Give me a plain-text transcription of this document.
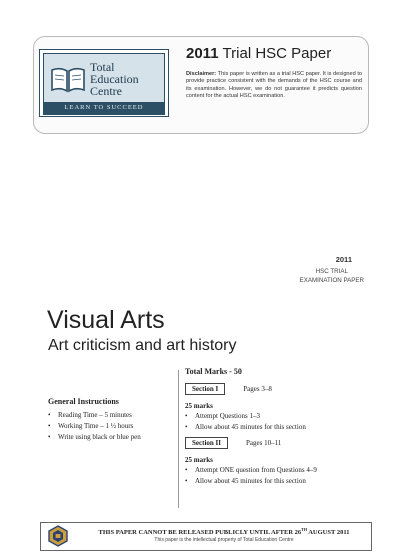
Total
Education
Centre
LEARN TO SUCCEED
2011 Trial HSC Paper
Disclaimer: This paper is written as a trial HSC paper. It is designed to provide practice consistent with the demands of the HSC course and its examination. However, we do not guarantee it predicts question content for the actual HSC examination.
2011
HSC TRIAL
EXAMINATION PAPER
Visual Arts
Art criticism and art history
Total Marks - 50
General Instructions
• Reading Time – 5 minutes
• Working Time – 1 ½ hours
• Write using black or blue pen
Section I	Pages 3–8
25 marks
• Attempt Questions 1–3
• Allow about 45 minutes for this section
Section II	Pages 10–11
25 marks
• Attempt ONE question from Questions 4–9
• Allow about 45 minutes for this section
THIS PAPER CANNOT BE RELEASED PUBLICLY UNTIL AFTER 26TH AUGUST 2011
This paper is the intellectual property of Total Education Centre
